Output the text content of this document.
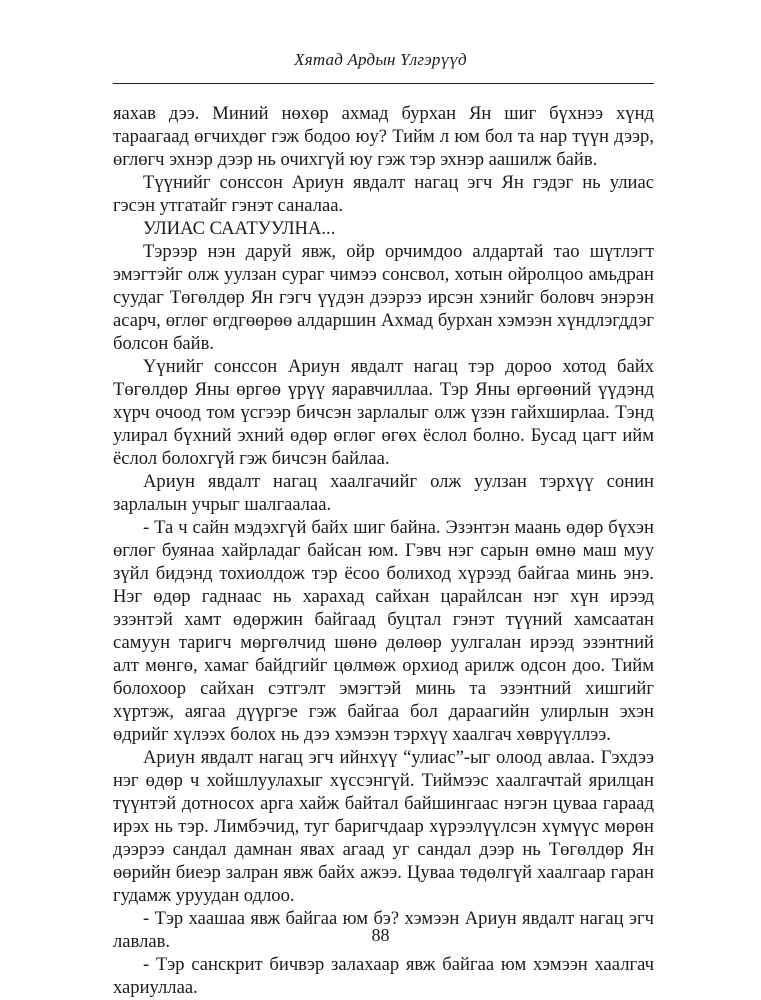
Хятад Ардын Үлгэрүүд

яахав дээ. Миний нөхөр ахмад бурхан Ян шиг бүхнээ хүнд тараагаад өгчихдөг гэж бодоо юу? Тийм л юм бол та нар түүн дээр, өглөгч эхнэр дээр нь очихгүй юу гэж тэр эхнэр аашилж байв.

Түүнийг сонссон Ариун явдалт нагац эгч Ян гэдэг нь улиас гэсэн утгатайг гэнэт саналаа.

УЛИАС СААТУУЛНА...

Тэрээр нэн даруй явж, ойр орчимдоо алдартай тао шүтлэгт эмэгтэйг олж уулзан сураг чимээ сонсвол, хотын ойролцоо амьдран суудаг Төгөлдөр Ян гэгч үүдэн дээрээ ирсэн хэнийг боловч энэрэн асарч, өглөг өгдгөөрөө алдаршин Ахмад бурхан хэмээн хүндлэгддэг болсон байв.

Үүнийг сонссон Ариун явдалт нагац тэр дороо хотод байх Төгөлдөр Яны өргөө үрүү яаравчиллаа. Тэр Яны өргөөний үүдэнд хүрч очоод том үсгээр бичсэн зарлалыг олж үзэн гайхширлаа. Тэнд улирал бүхний эхний өдөр өглөг өгөх ёслол болно. Бусад цагт ийм ёслол болохгүй гэж бичсэн байлаа.

Ариун явдалт нагац хаалгачийг олж уулзан тэрхүү сонин зарлалын учрыг шалгаалаа.

- Та ч сайн мэдэхгүй байх шиг байна. Эзэнтэн маань өдөр бүхэн өглөг буянаа хайрладаг байсан юм. Гэвч нэг сарын өмнө маш муу зүйл бидэнд тохиолдож тэр ёсоо болиход хүрээд байгаа минь энэ. Нэг өдөр гаднаас нь харахад сайхан царайлсан нэг хүн ирээд эзэнтэй хамт өдөржин байгаад буцтал гэнэт түүний хамсаатан самуун таригч мөргөлчид шөнө дөлөөр уулгалан ирээд эзэнтний алт мөнгө, хамаг байдгийг цөлмөж орхиод арилж одсон доо. Тийм болохоор сайхан сэтгэлт эмэгтэй минь та эзэнтний хишгийг хүртэж, аягаа дүүргэе гэж байгаа бол дараагийн улирлын эхэн өдрийг хүлээх болох нь дээ хэмээн тэрхүү хаалгач хөврүүллээ.

Ариун явдалт нагац эгч ийнхүү “улиас”-ыг олоод авлаа. Гэхдээ нэг өдөр ч хойшлуулахыг хүссэнгүй. Тиймээс хаалгачтай ярилцан түүнтэй дотносох арга хайж байтал байшингаас нэгэн цуваа гараад ирэх нь тэр. Лимбэчид, туг баригчдаар хүрээлүүлсэн хүмүүс мөрөн дээрээ сандал дамнан явах агаад уг сандал дээр нь Төгөлдөр Ян өөрийн биеэр залран явж байх ажээ. Цуваа төдөлгүй хаалгаар гаран гудамж уруудан одлоо.

- Тэр хаашаа явж байгаа юм бэ? хэмээн Ариун явдалт нагац эгч лавлав.

- Тэр санскрит бичвэр залахаар явж байгаа юм хэмээн хаалгач хариуллаа.

88
